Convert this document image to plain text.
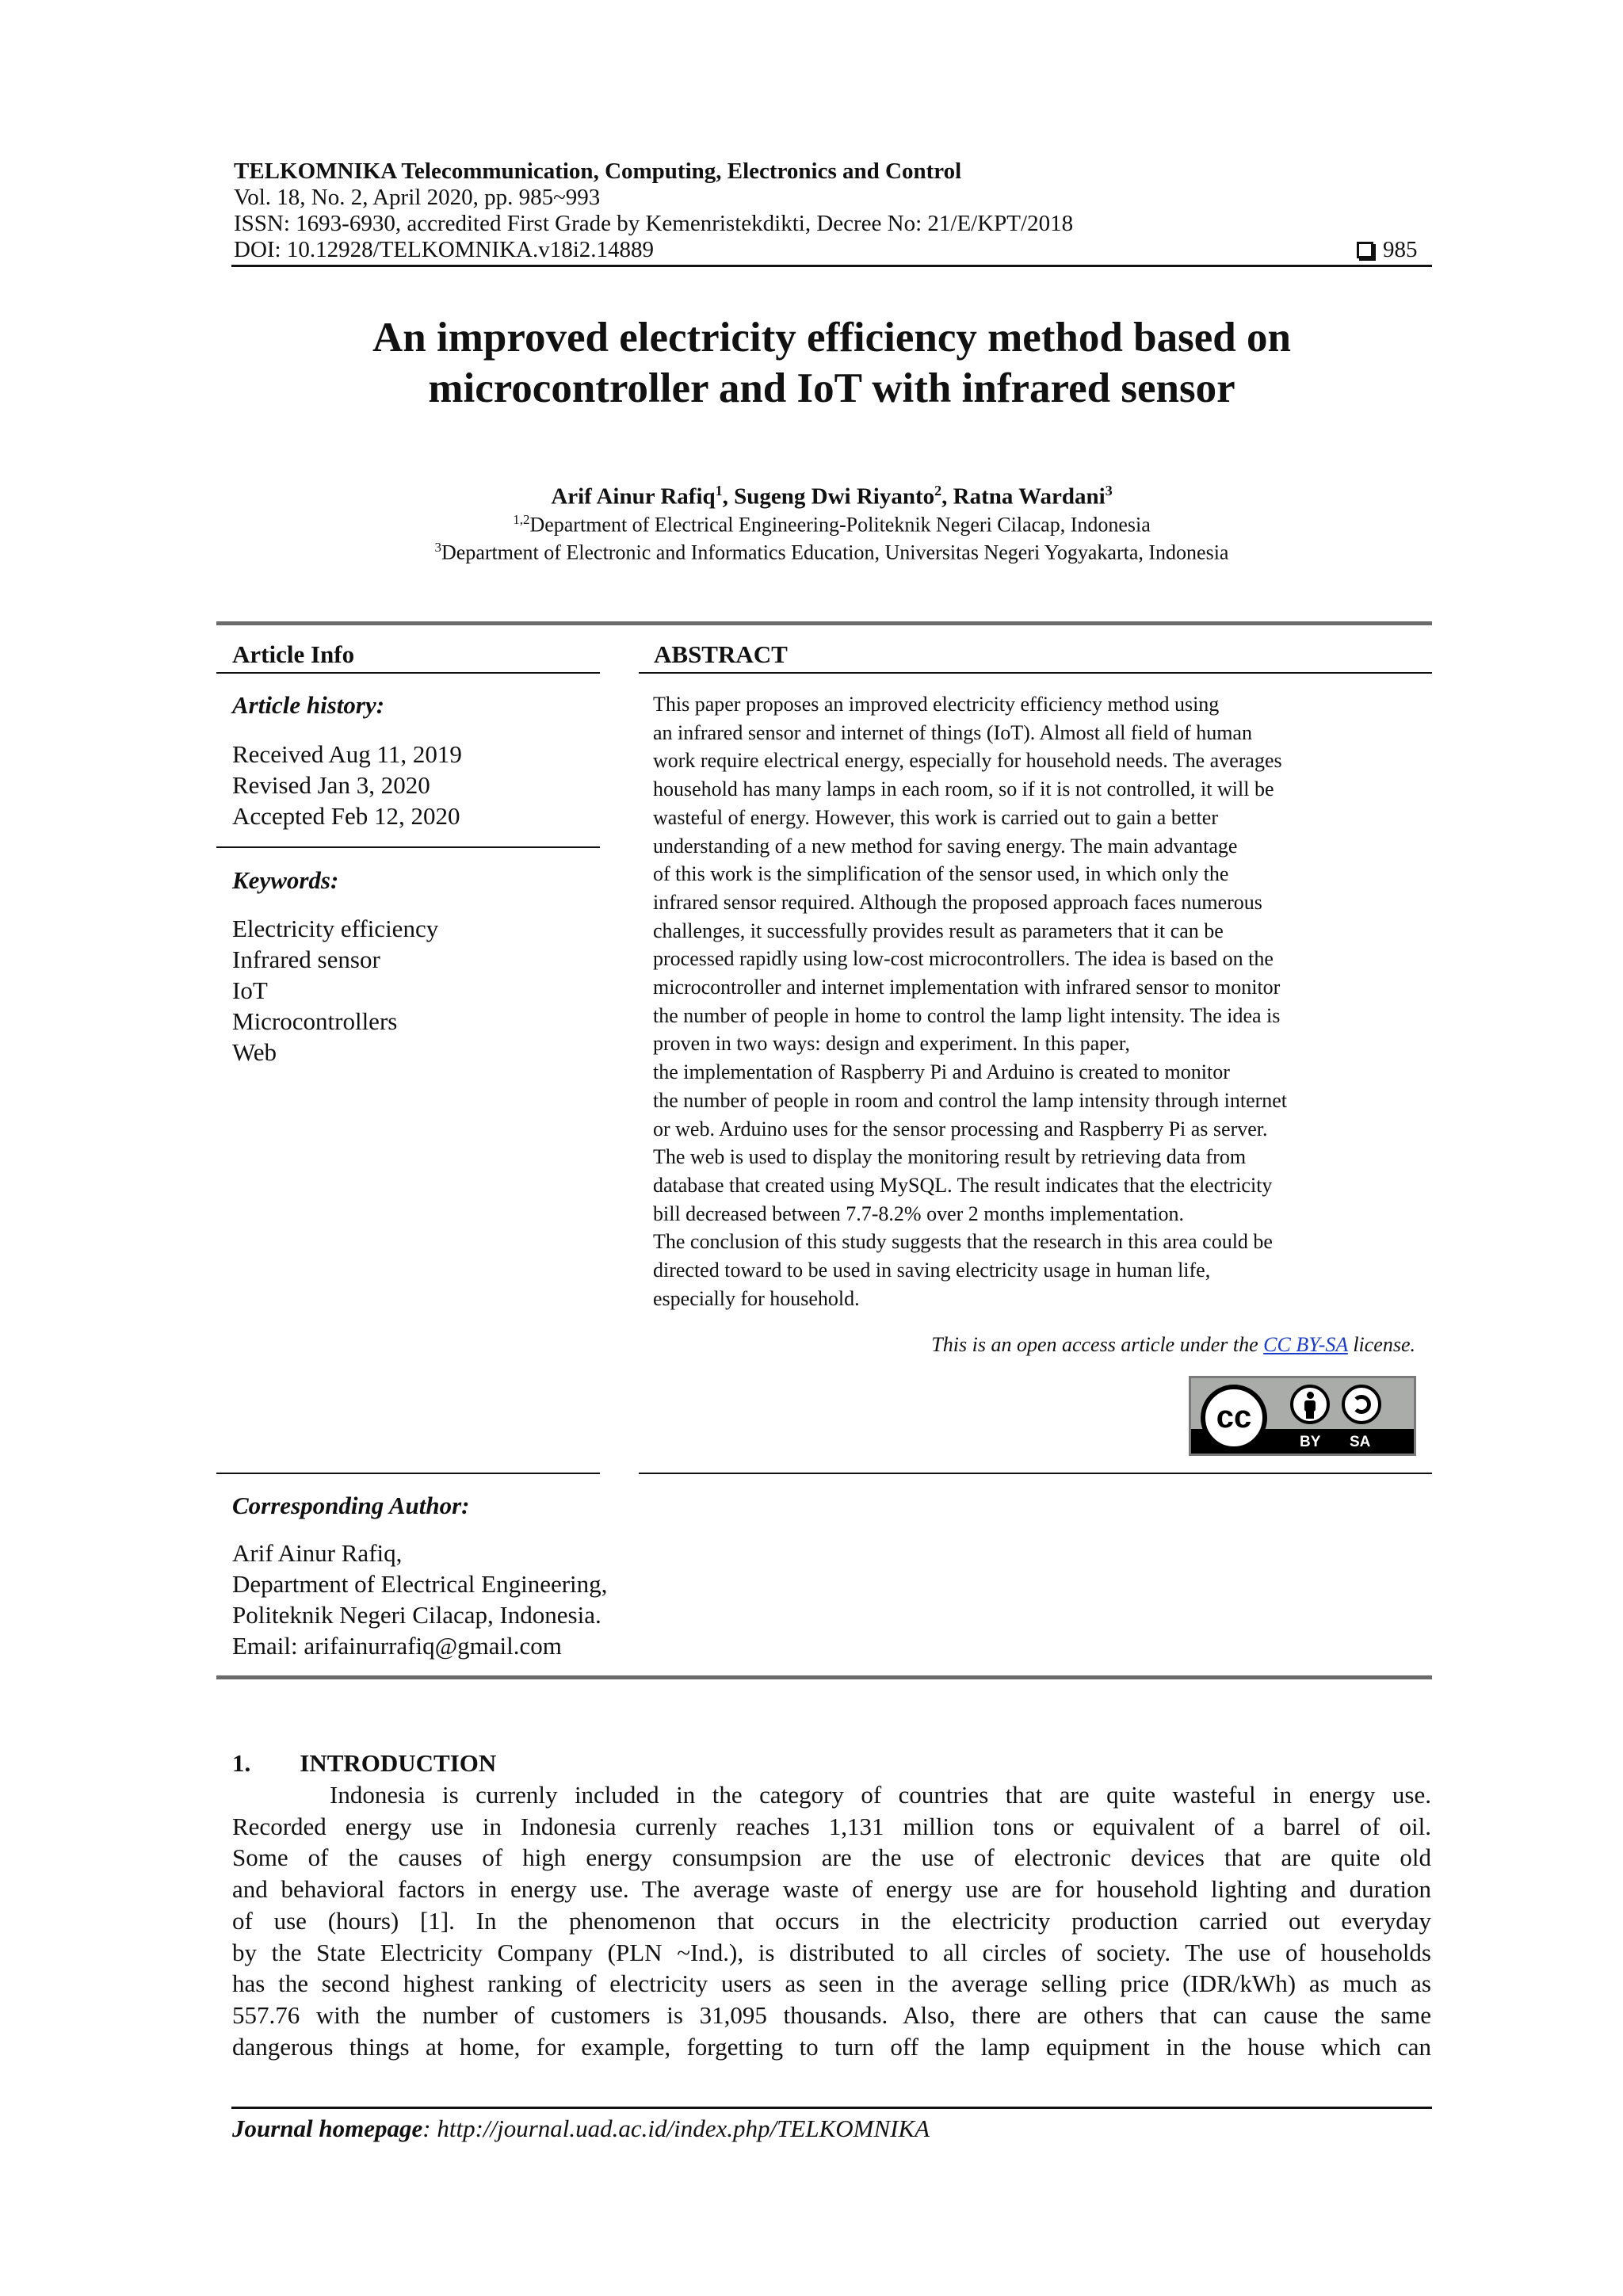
TELKOMNIKA Telecommunication, Computing, Electronics and Control
Vol. 18, No. 2, April 2020, pp. 985~993
ISSN: 1693-6930, accredited First Grade by Kemenristekdikti, Decree No: 21/E/KPT/2018
DOI: 10.12928/TELKOMNIKA.v18i2.14889	985
An improved electricity efficiency method based on
microcontroller and IoT with infrared sensor
Arif Ainur Rafiq$^1$, Sugeng Dwi Riyanto$^2$, Ratna Wardani$^3$
$^{1,2}$Department of Electrical Engineering-Politeknik Negeri Cilacap, Indonesia
$^3$Department of Electronic and Informatics Education, Universitas Negeri Yogyakarta, Indonesia
Article Info
Article history:
Received Aug 11, 2019
Revised Jan 3, 2020
Accepted Feb 12, 2020
Keywords:
Electricity efficiency
Infrared sensor
IoT
Microcontrollers
Web
ABSTRACT
This paper proposes an improved electricity efficiency method using
an infrared sensor and internet of things (IoT). Almost all field of human
work require electrical energy, especially for household needs. The averages
household has many lamps in each room, so if it is not controlled, it will be
wasteful of energy. However, this work is carried out to gain a better
understanding of a new method for saving energy. The main advantage
of this work is the simplification of the sensor used, in which only the
infrared sensor required. Although the proposed approach faces numerous
challenges, it successfully provides result as parameters that it can be
processed rapidly using low-cost microcontrollers. The idea is based on the
microcontroller and internet implementation with infrared sensor to monitor
the number of people in home to control the lamp light intensity. The idea is
proven in two ways: design and experiment. In this paper,
the implementation of Raspberry Pi and Arduino is created to monitor
the number of people in room and control the lamp intensity through internet
or web. Arduino uses for the sensor processing and Raspberry Pi as server.
The web is used to display the monitoring result by retrieving data from
database that created using MySQL. The result indicates that the electricity
bill decreased between 7.7-8.2% over 2 months implementation.
The conclusion of this study suggests that the research in this area could be
directed toward to be used in saving electricity usage in human life,
especially for household.
This is an open access article under the CC BY-SA license.
cc
BY SA
Corresponding Author:
Arif Ainur Rafiq,
Department of Electrical Engineering,
Politeknik Negeri Cilacap, Indonesia.
Email: arifainurrafiq@gmail.com
1. INTRODUCTION
Indonesia is currenly included in the category of countries that are quite wasteful in energy use.
Recorded energy use in Indonesia currenly reaches 1,131 million tons or equivalent of a barrel of oil.
Some of the causes of high energy consumpsion are the use of electronic devices that are quite old
and behavioral factors in energy use. The average waste of energy use are for household lighting and duration
of use (hours) [1]. In the phenomenon that occurs in the electricity production carried out everyday
by the State Electricity Company (PLN ~Ind.), is distributed to all circles of society. The use of households
has the second highest ranking of electricity users as seen in the average selling price (IDR/kWh) as much as
557.76 with the number of customers is 31,095 thousands. Also, there are others that can cause the same
dangerous things at home, for example, forgetting to turn off the lamp equipment in the house which can
Journal homepage: http://journal.uad.ac.id/index.php/TELKOMNIKA
